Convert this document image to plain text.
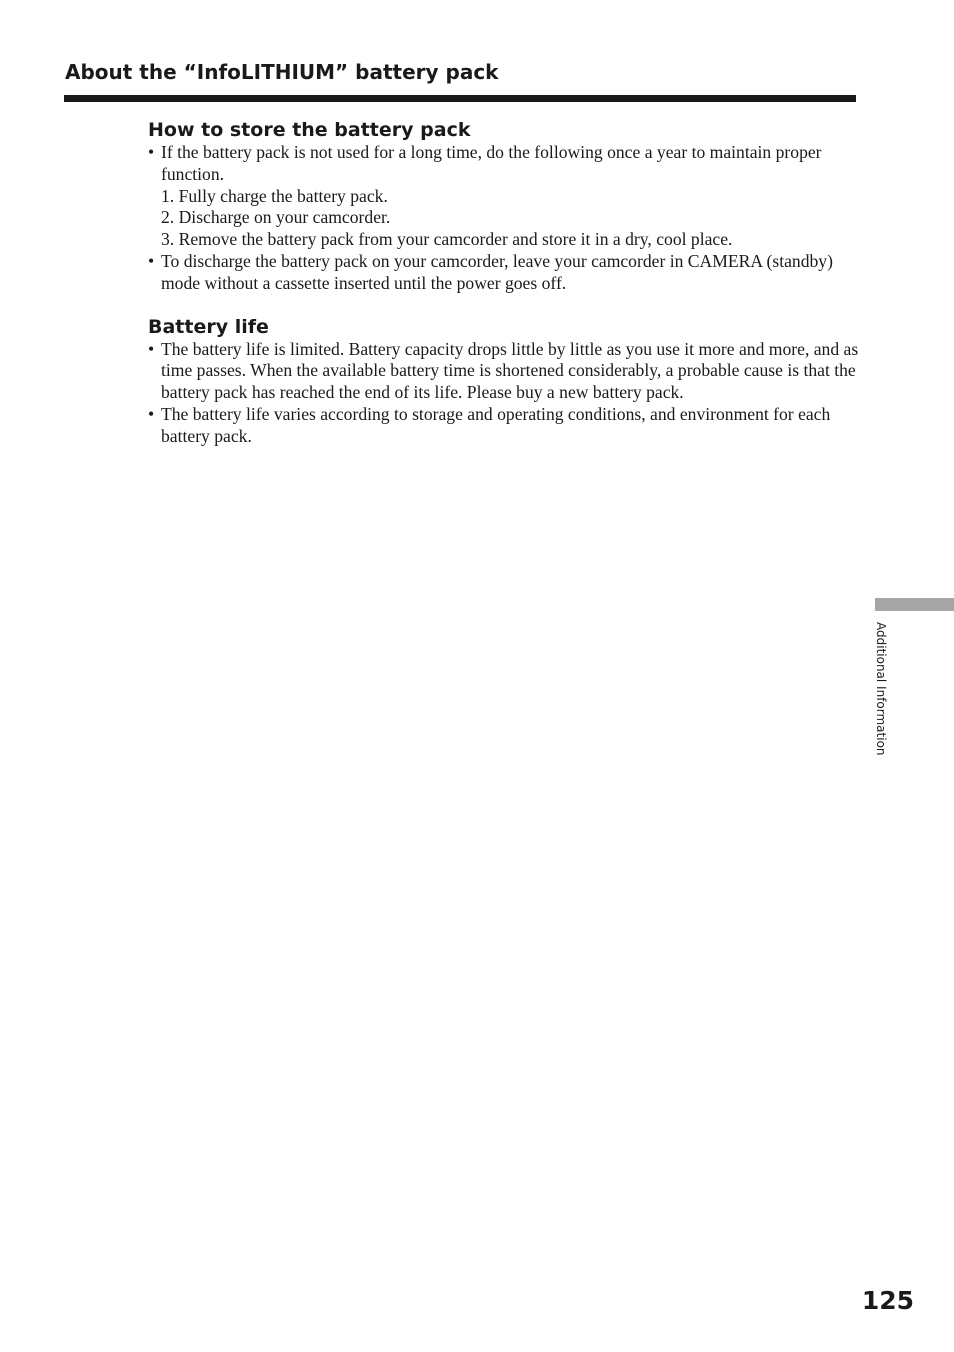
About the “InfoLITHIUM” battery pack
How to store the battery pack
• If the battery pack is not used for a long time, do the following once a year to maintain proper function.
1. Fully charge the battery pack.
2. Discharge on your camcorder.
3. Remove the battery pack from your camcorder and store it in a dry, cool place.
• To discharge the battery pack on your camcorder, leave your camcorder in CAMERA (standby) mode without a cassette inserted until the power goes off.
Battery life
• The battery life is limited. Battery capacity drops little by little as you use it more and more, and as time passes. When the available battery time is shortened considerably, a probable cause is that the battery pack has reached the end of its life. Please buy a new battery pack.
• The battery life varies according to storage and operating conditions, and environment for each battery pack.
Additional Information
125
